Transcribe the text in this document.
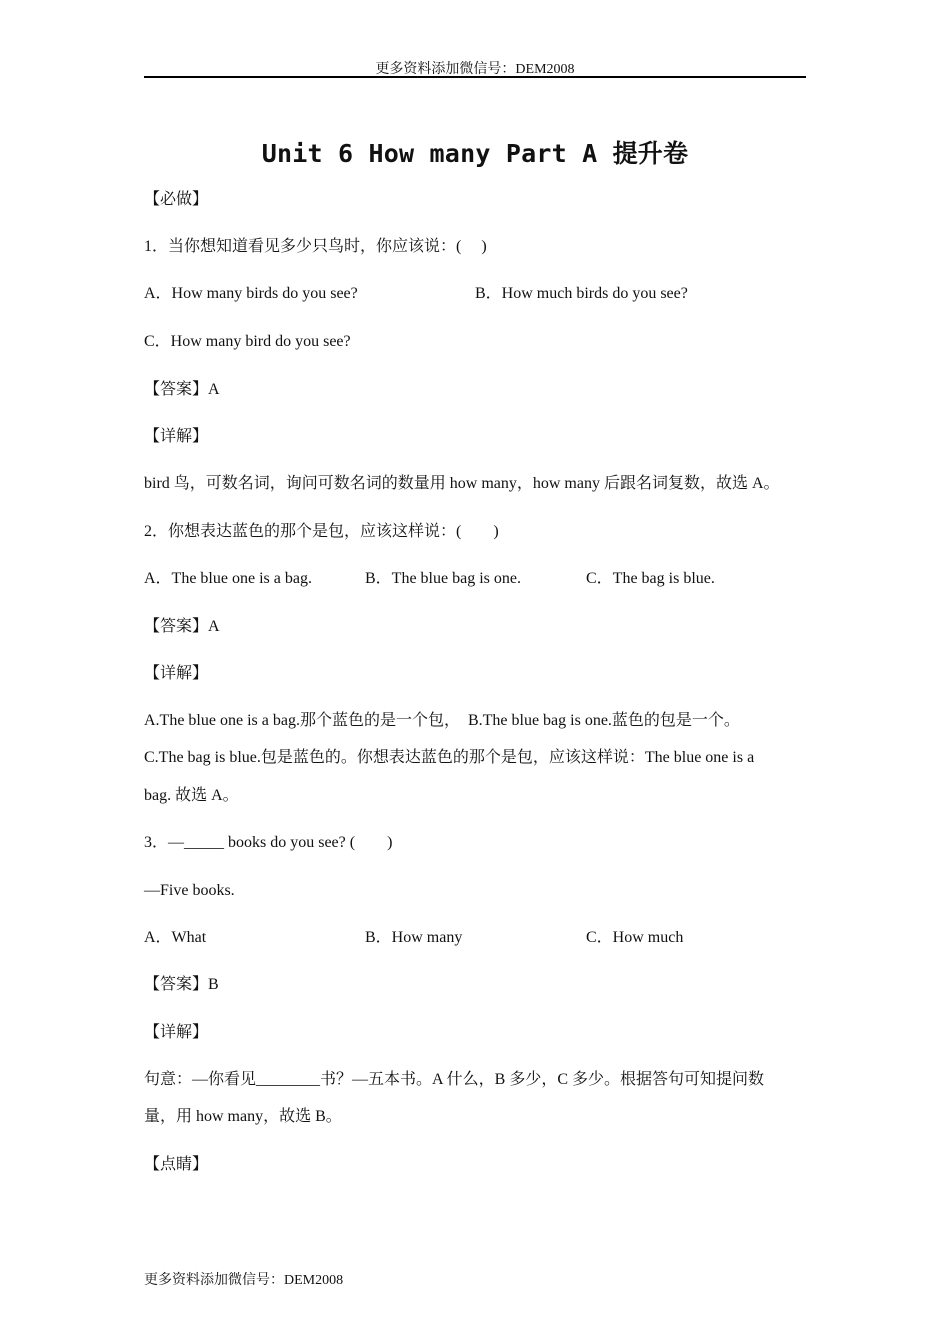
更多资料添加微信号：DEM2008
Unit 6 How many Part A 提升卷
【必做】
1．当你想知道看见多少只鸟时，你应该说：(　 )
A．How many birds do you see?	B．How much birds do you see?
C．How many bird do you see?
【答案】A
【详解】
bird 鸟，可数名词，询问可数名词的数量用 how many，how many 后跟名词复数，故选 A。
2．你想表达蓝色的那个是包，应该这样说：(　　)
A．The blue one is a bag.	B．The blue bag is one.	C．The bag is blue.
【答案】A
【详解】
A.The blue one is a bag.那个蓝色的是一个包，　B.The blue bag is one.蓝色的包是一个。
C.The bag is blue.包是蓝色的。你想表达蓝色的那个是包，应该这样说：The blue one is a
bag. 故选 A。
3．—_____ books do you see? (　　)
—Five books.
A．What	B．How many	C．How much
【答案】B
【详解】
句意：—你看见________书？—五本书。A 什么，B 多少，C 多少。根据答句可知提问数
量，用 how many，故选 B。
【点睛】
更多资料添加微信号：DEM2008
